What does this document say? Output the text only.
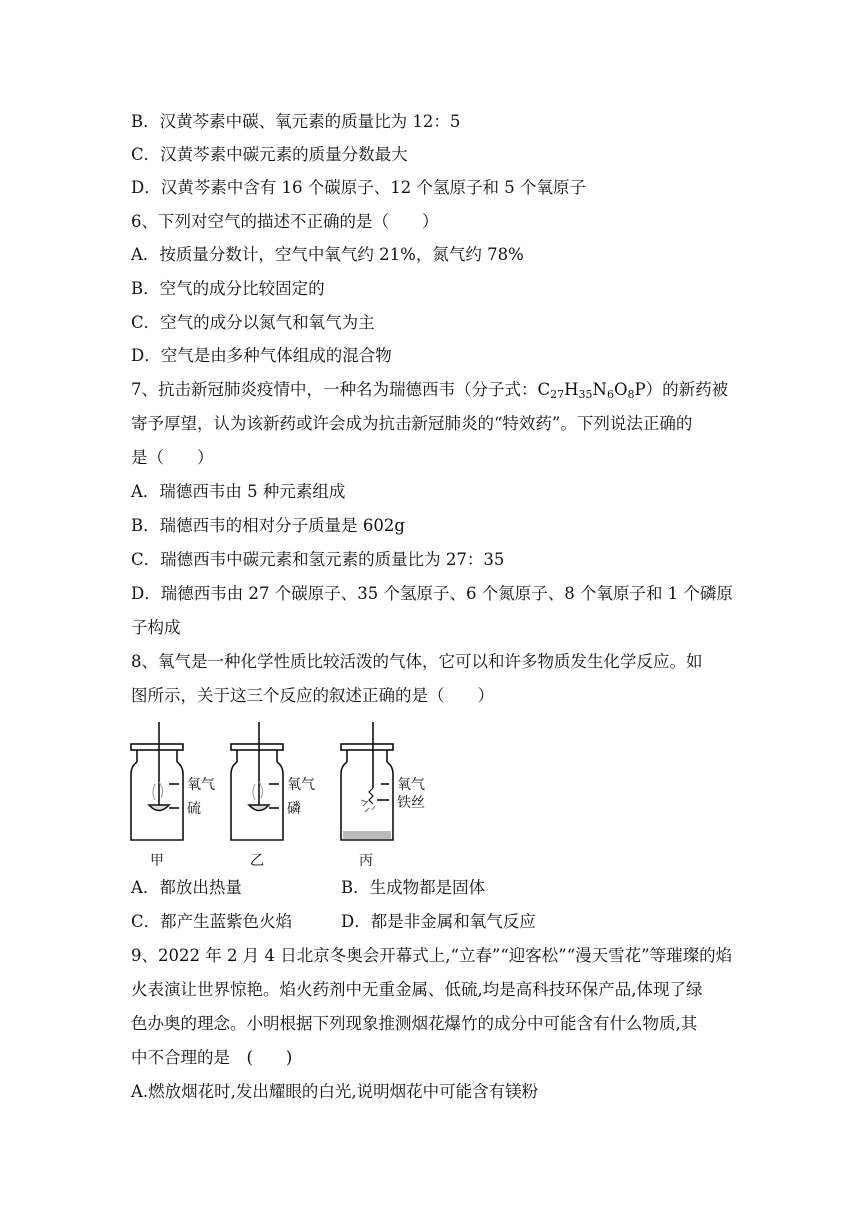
B．汉黄芩素中碳、氧元素的质量比为 12：5
C．汉黄芩素中碳元素的质量分数最大
D．汉黄芩素中含有 16 个碳原子、12 个氢原子和 5 个氧原子
6、下列对空气的描述不正确的是（　　）
A．按质量分数计，空气中氧气约 21%，氮气约 78%
B．空气的成分比较固定的
C．空气的成分以氮气和氧气为主
D．空气是由多种气体组成的混合物
7、抗击新冠肺炎疫情中，一种名为瑞德西韦（分子式：$C_{27}H_{35}N_6O_8P$）的新药被
寄予厚望，认为该新药或许会成为抗击新冠肺炎的“特效药”。下列说法正确的
是（　　）
A．瑞德西韦由 5 种元素组成
B．瑞德西韦的相对分子质量是 602g
C．瑞德西韦中碳元素和氢元素的质量比为 27：35
D．瑞德西韦由 27 个碳原子、35 个氢原子、6 个氮原子、8 个氧原子和 1 个磷原
子构成
8、氧气是一种化学性质比较活泼的气体，它可以和许多物质发生化学反应。如
图所示，关于这三个反应的叙述正确的是（　　）
氧气
硫
氧气
磷
氧气
铁丝
甲	乙	丙
A．都放出热量	B．生成物都是固体
C．都产生蓝紫色火焰	D．都是非金属和氧气反应
9、2022 年 2 月 4 日北京冬奥会开幕式上,“立春”“迎客松”“漫天雪花”等璀璨的焰
火表演让世界惊艳。焰火药剂中无重金属、低硫,均是高科技环保产品,体现了绿
色办奥的理念。小明根据下列现象推测烟花爆竹的成分中可能含有什么物质,其
中不合理的是　(　　)
A.燃放烟花时,发出耀眼的白光,说明烟花中可能含有镁粉
